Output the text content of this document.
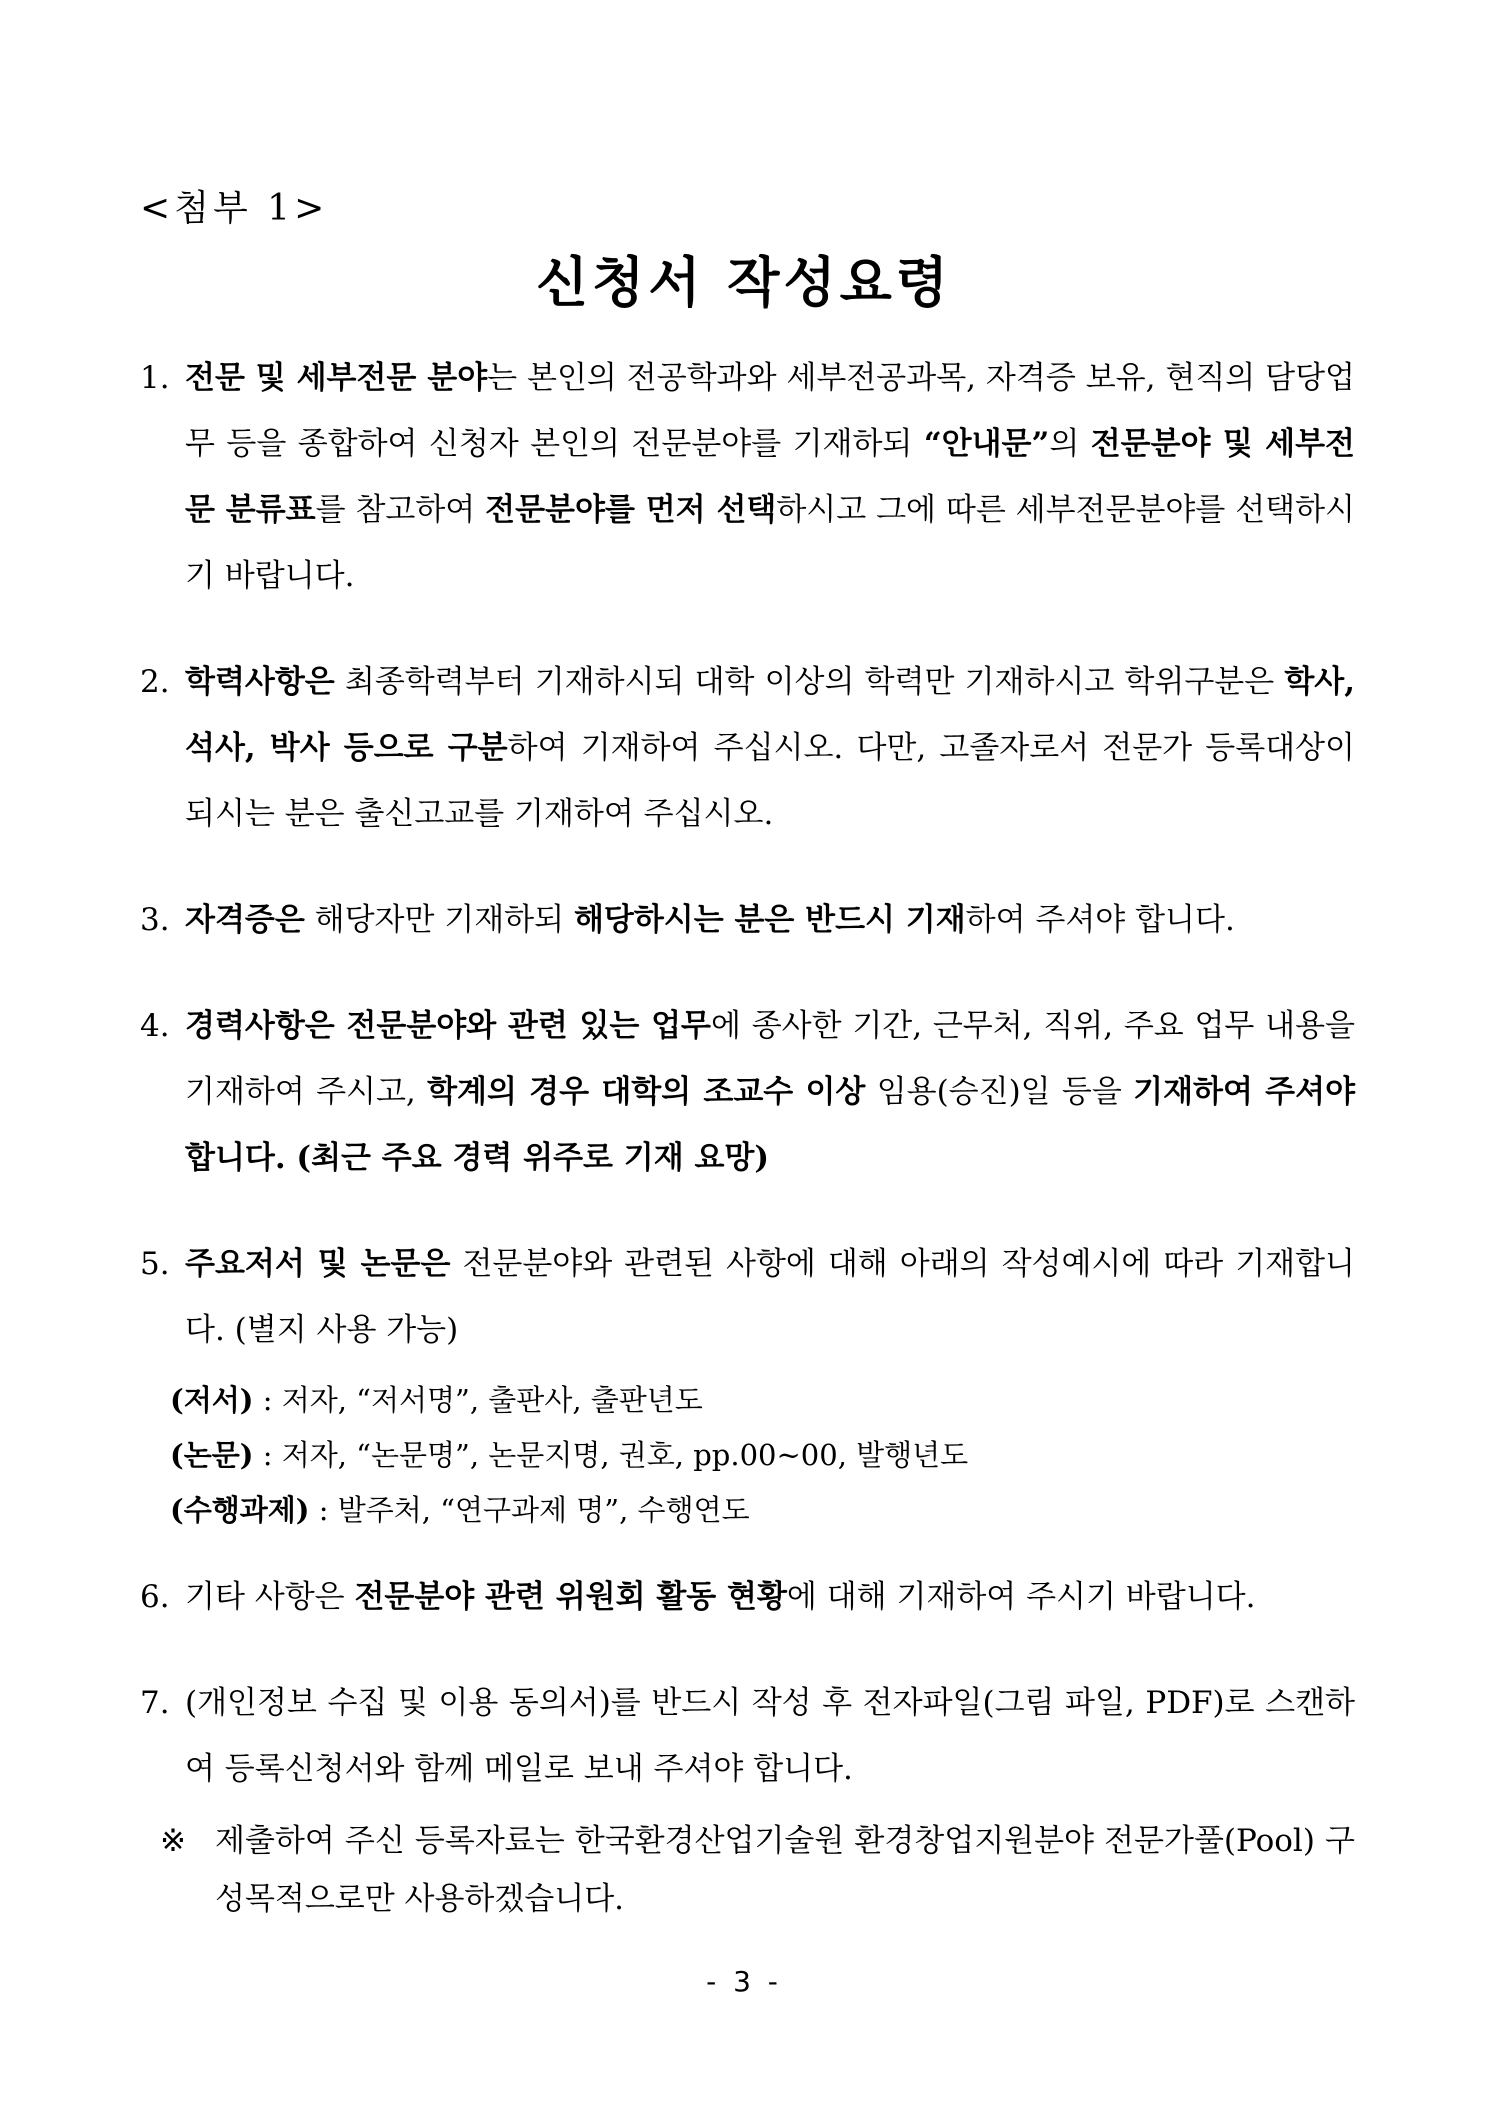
<첨부 1>
신청서 작성요령
1. 전문 및 세부전문 분야는 본인의 전공학과와 세부전공과목, 자격증 보유, 현직의 담당업무 등을 종합하여 신청자 본인의 전문분야를 기재하되 “안내문”의 전문분야 및 세부전문 분류표를 참고하여 전문분야를 먼저 선택하시고 그에 따른 세부전문분야를 선택하시기 바랍니다.
2. 학력사항은 최종학력부터 기재하시되 대학 이상의 학력만 기재하시고 학위구분은 학사, 석사, 박사 등으로 구분하여 기재하여 주십시오. 다만, 고졸자로서 전문가 등록대상이 되시는 분은 출신고교를 기재하여 주십시오.
3. 자격증은 해당자만 기재하되 해당하시는 분은 반드시 기재하여 주셔야 합니다.
4. 경력사항은 전문분야와 관련 있는 업무에 종사한 기간, 근무처, 직위, 주요 업무 내용을 기재하여 주시고, 학계의 경우 대학의 조교수 이상 임용(승진)일 등을 기재하여 주셔야 합니다. (최근 주요 경력 위주로 기재 요망)
5. 주요저서 및 논문은 전문분야와 관련된 사항에 대해 아래의 작성예시에 따라 기재합니다. (별지 사용 가능)
(저서) : 저자, “저서명”, 출판사, 출판년도
(논문) : 저자, “논문명”, 논문지명, 권호, pp.00~00, 발행년도
(수행과제) : 발주처, “연구과제 명”, 수행연도
6. 기타 사항은 전문분야 관련 위원회 활동 현황에 대해 기재하여 주시기 바랍니다.
7. (개인정보 수집 및 이용 동의서)를 반드시 작성 후 전자파일(그림 파일, PDF)로 스캔하여 등록신청서와 함께 메일로 보내 주셔야 합니다.
※ 제출하여 주신 등록자료는 한국환경산업기술원 환경창업지원분야 전문가풀(Pool) 구성목적으로만 사용하겠습니다.
- 3 -
